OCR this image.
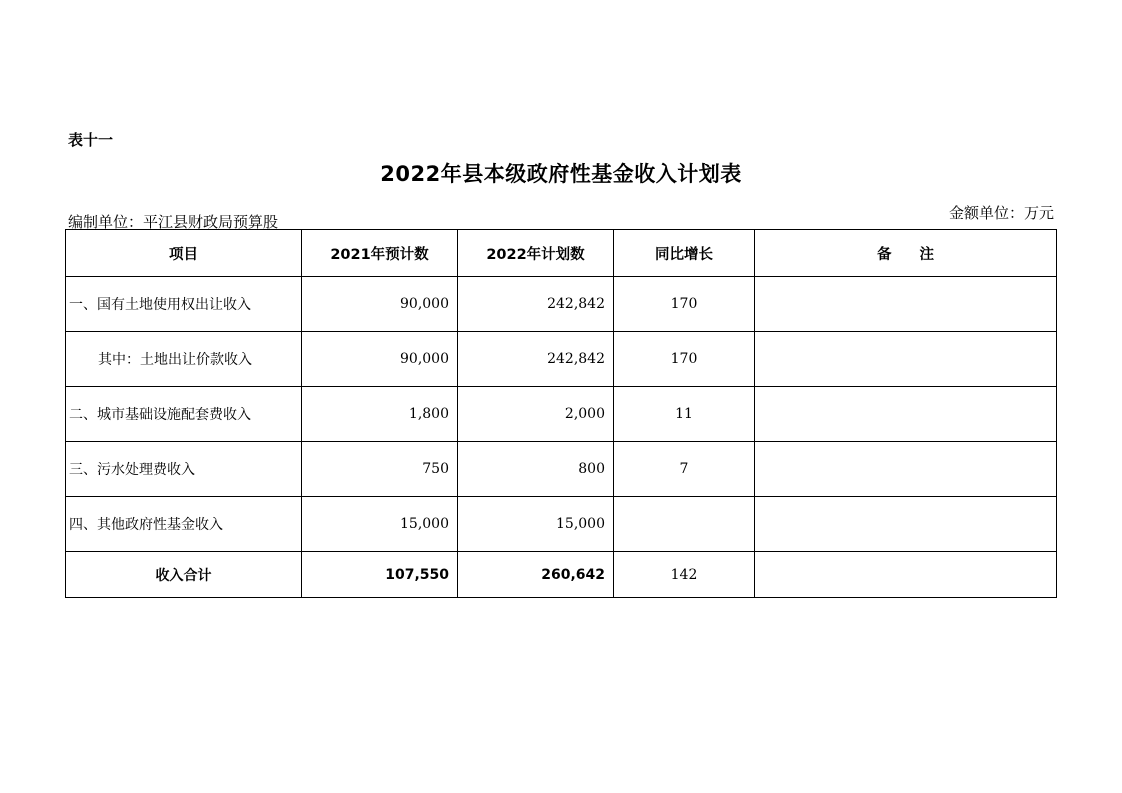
表十一
2022年县本级政府性基金收入计划表
编制单位：平江县财政局预算股	金额单位：万元
项目	2021年预计数	2022年计划数	同比增长	备注
一、国有土地使用权出让收入	90,000	242,842	170	
其中：土地出让价款收入	90,000	242,842	170	
二、城市基础设施配套费收入	1,800	2,000	11	
三、污水处理费收入	750	800	7	
四、其他政府性基金收入	15,000	15,000		
收入合计	107,550	260,642	142	
